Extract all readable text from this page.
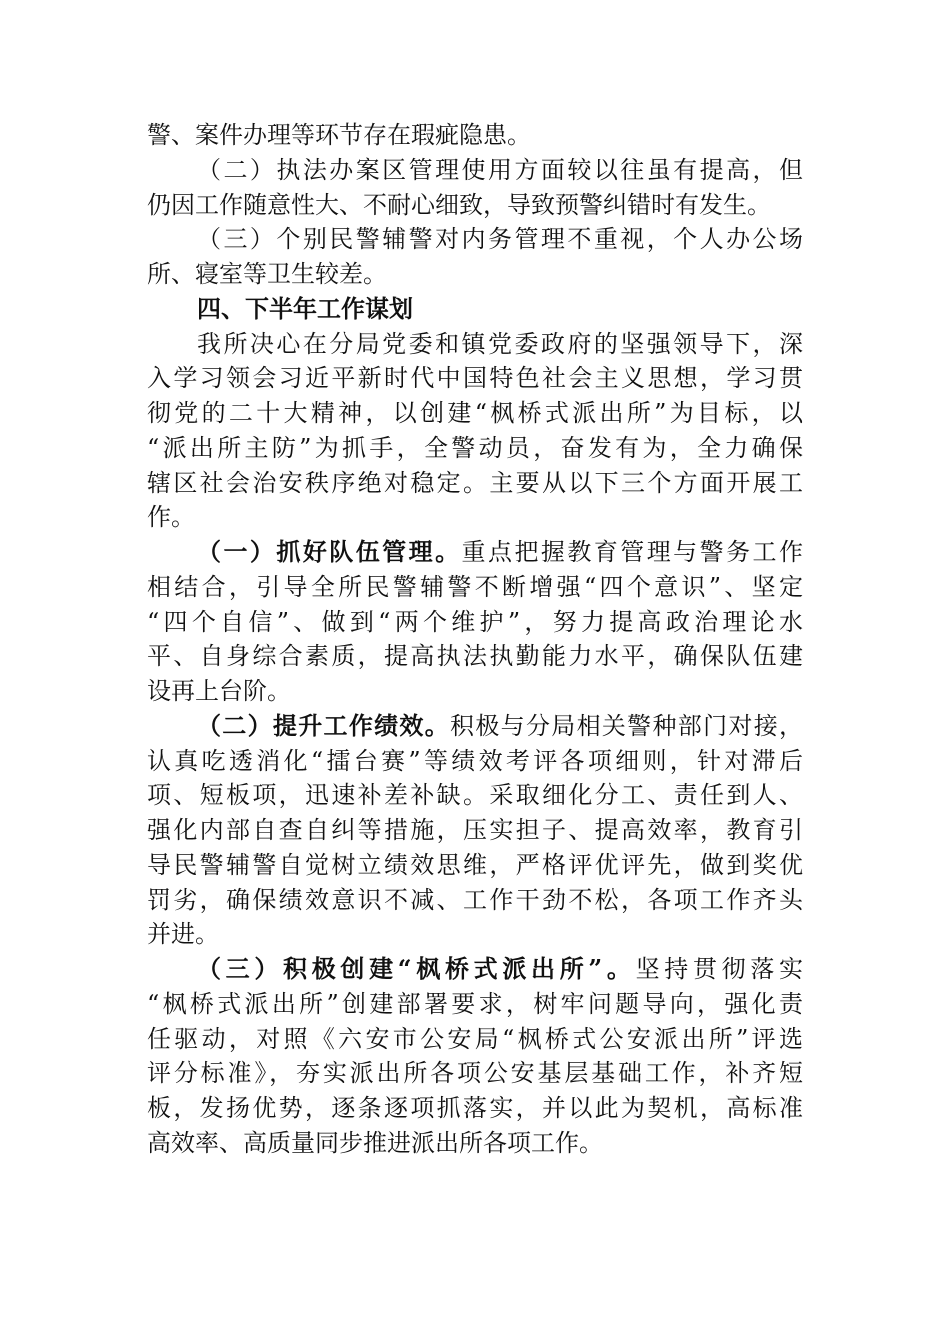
警、案件办理等环节存在瑕疵隐患。
（二）执法办案区管理使用方面较以往虽有提高，但
仍因工作随意性大、不耐心细致，导致预警纠错时有发生。
（三）个别民警辅警对内务管理不重视，个人办公场
所、寝室等卫生较差。
四、下半年工作谋划
我所决心在分局党委和镇党委政府的坚强领导下，深
入学习领会习近平新时代中国特色社会主义思想，学习贯
彻党的二十大精神，以创建“枫桥式派出所”为目标，以
“派出所主防”为抓手，全警动员，奋发有为，全力确保
辖区社会治安秩序绝对稳定。主要从以下三个方面开展工
作。
（一）抓好队伍管理。重点把握教育管理与警务工作
相结合，引导全所民警辅警不断增强“四个意识”、坚定
“四个自信”、做到“两个维护”，努力提高政治理论水
平、自身综合素质，提高执法执勤能力水平，确保队伍建
设再上台阶。
（二）提升工作绩效。积极与分局相关警种部门对接，
认真吃透消化“擂台赛”等绩效考评各项细则，针对滞后
项、短板项，迅速补差补缺。采取细化分工、责任到人、
强化内部自查自纠等措施，压实担子、提高效率，教育引
导民警辅警自觉树立绩效思维，严格评优评先，做到奖优
罚劣，确保绩效意识不减、工作干劲不松，各项工作齐头
并进。
（三）积极创建“枫桥式派出所”。坚持贯彻落实
“枫桥式派出所”创建部署要求，树牢问题导向，强化责
任驱动，对照《六安市公安局“枫桥式公安派出所”评选
评分标准》，夯实派出所各项公安基层基础工作，补齐短
板，发扬优势，逐条逐项抓落实，并以此为契机，高标准
高效率、高质量同步推进派出所各项工作。
